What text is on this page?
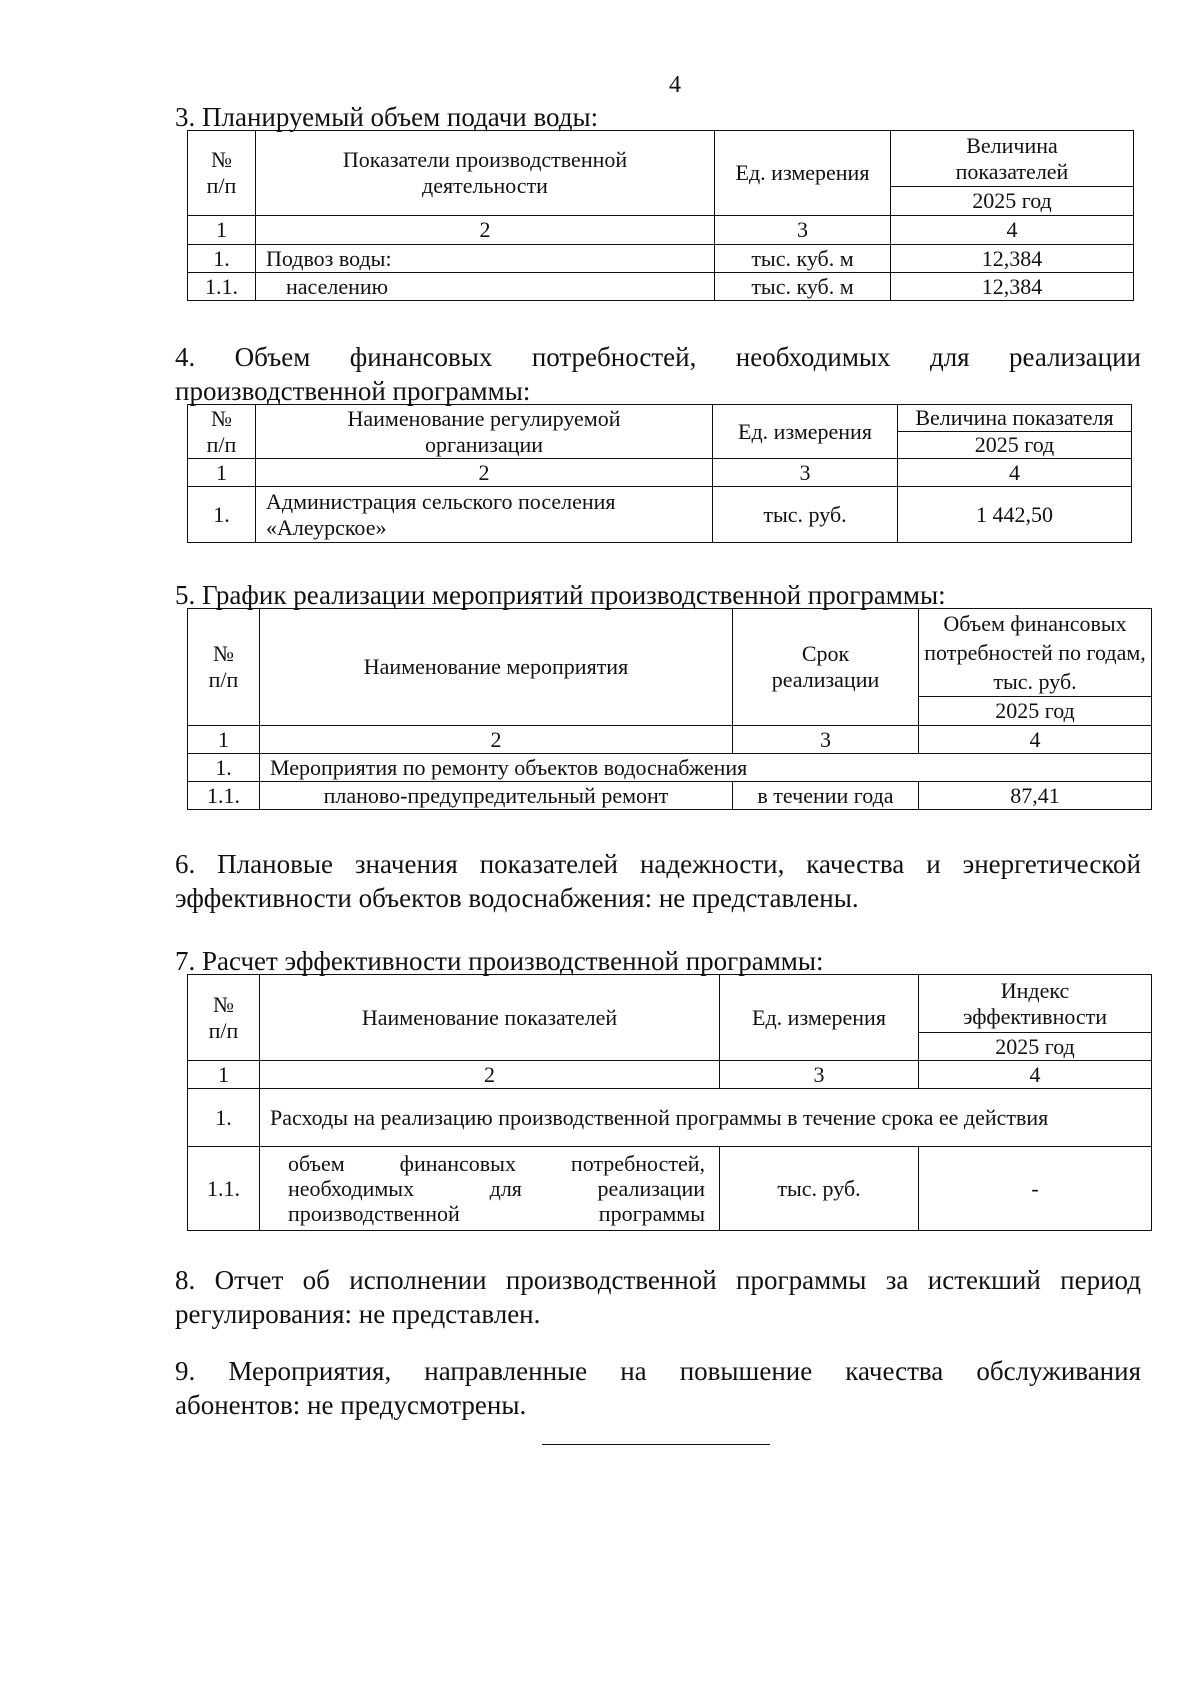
4

3. Планируемый объем подачи воды:

№
п/п	Показатели производственной деятельности	Ед. измерения	Величина показателей
			2025 год
1	2	3	4
1.	Подвоз воды:	тыс. куб. м	12,384
1.1.	населению	тыс. куб. м	12,384
4. Объем финансовых потребностей, необходимых для реализации
производственной программы:
№
п/п	Наименование регулируемой организации	Ед. измерения	Величина показателя
			2025 год
1	2	3	4
1.	Администрация сельского поселения «Алеурское»	тыс. руб.	1 442,50

5. График реализации мероприятий производственной программы:

№
п/п	Наименование мероприятия	Срок реализации	Объем финансовых потребностей по годам, тыс. руб.
			2025 год
1	2	3	4
1.	Мероприятия по ремонту объектов водоснабжения		
1.1.	планово-предупредительный ремонт	в течении года	87,41
6. Плановые значения показателей надежности, качества и энергетической
эффективности объектов водоснабжения: не представлены.

7. Расчет эффективности производственной программы:

№
п/п	Наименование показателей	Ед. измерения	Индекс эффективности
			2025 год
1	2	3	4
1.	Расходы на реализацию производственной программы в течение срока ее действия		
1.1.	объем финансовых потребностей, необходимых для реализации производственной программы	тыс. руб.	-
8. Отчет об исполнении производственной программы за истекший период
регулирования: не представлен.
9. Мероприятия, направленные на повышение качества обслуживания
абонентов: не предусмотрены.
